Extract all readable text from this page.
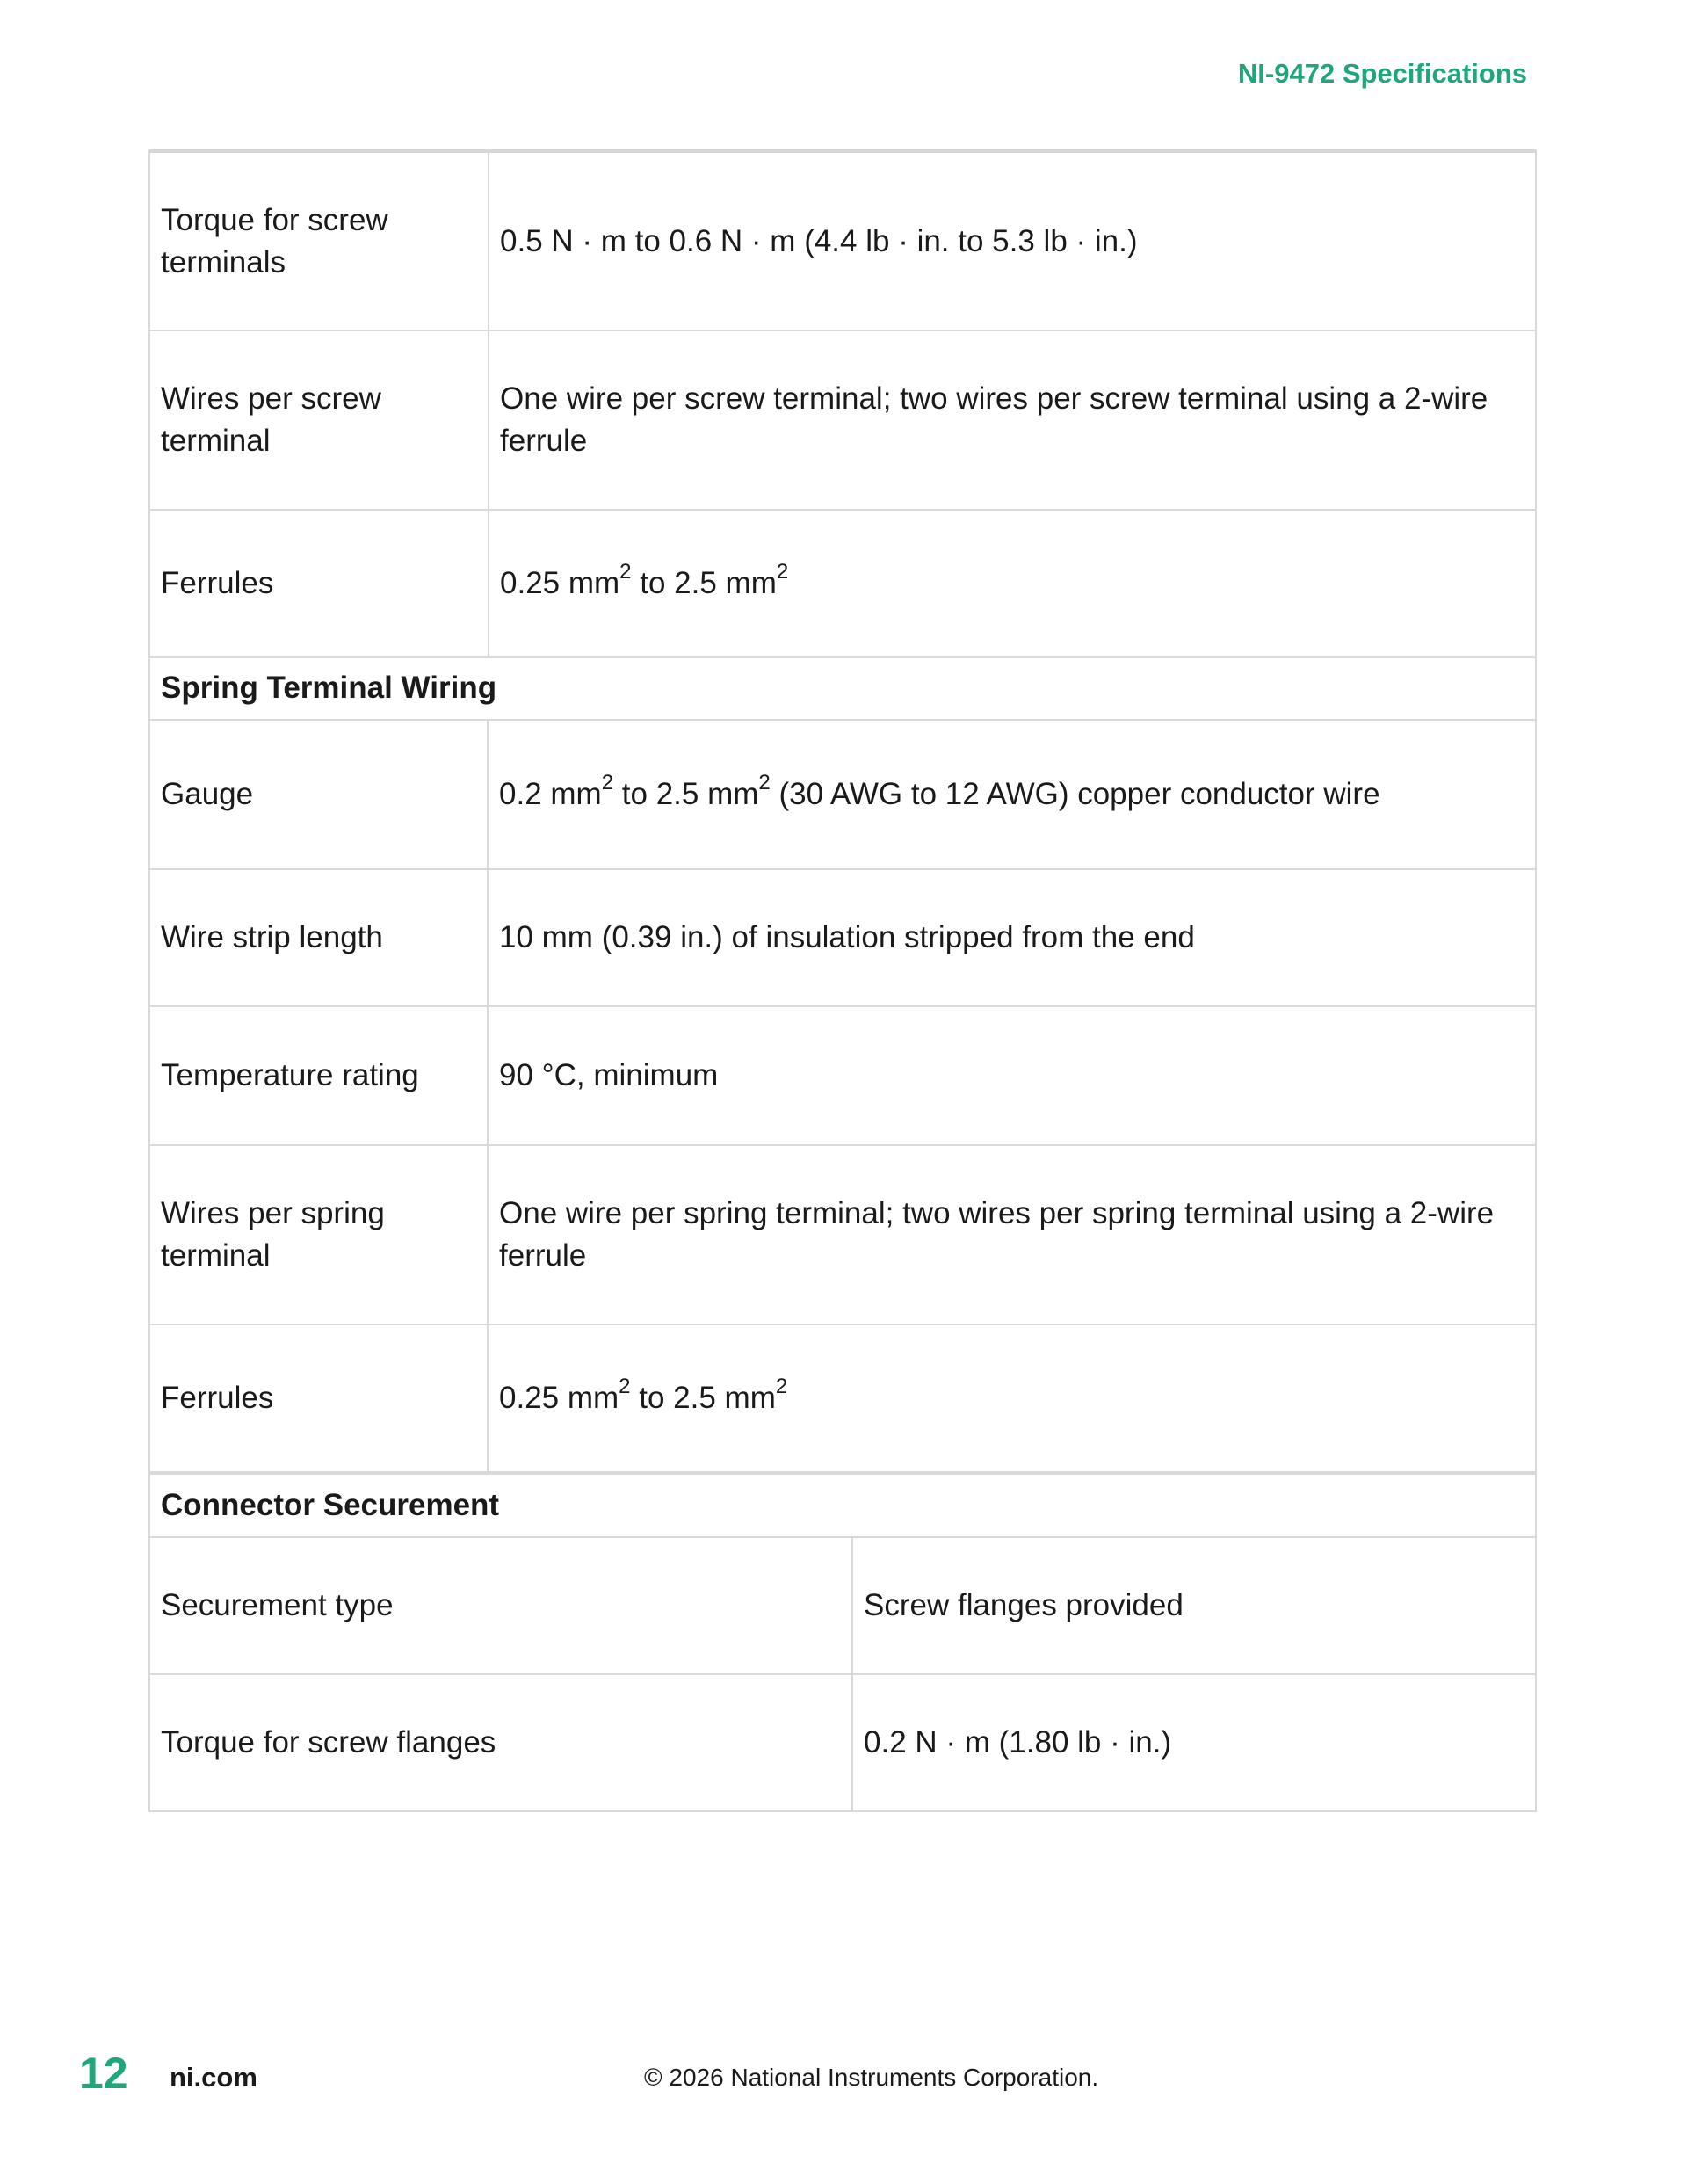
NI-9472 Specifications
Torque for screw terminals	0.5 N · m to 0.6 N · m (4.4 lb · in. to 5.3 lb · in.)
Wires per screw terminal	One wire per screw terminal; two wires per screw terminal using a 2-wire ferrule
Ferrules	0.25 $mm^2$ to 2.5 $mm^2$
Spring Terminal Wiring	
Gauge	0.2 $mm^2$ to 2.5 $mm^2$ (30 AWG to 12 AWG) copper conductor wire
Wire strip length	10 mm (0.39 in.) of insulation stripped from the end
Temperature rating	90 °C, minimum
Wires per spring terminal	One wire per spring terminal; two wires per spring terminal using a 2-wire ferrule
Ferrules	0.25 $mm^2$ to 2.5 $mm^2$
Connector Securement	
Securement type	Screw flanges provided
Torque for screw flanges	0.2 N · m (1.80 lb · in.)
12 ni.com	© 2026 National Instruments Corporation.
